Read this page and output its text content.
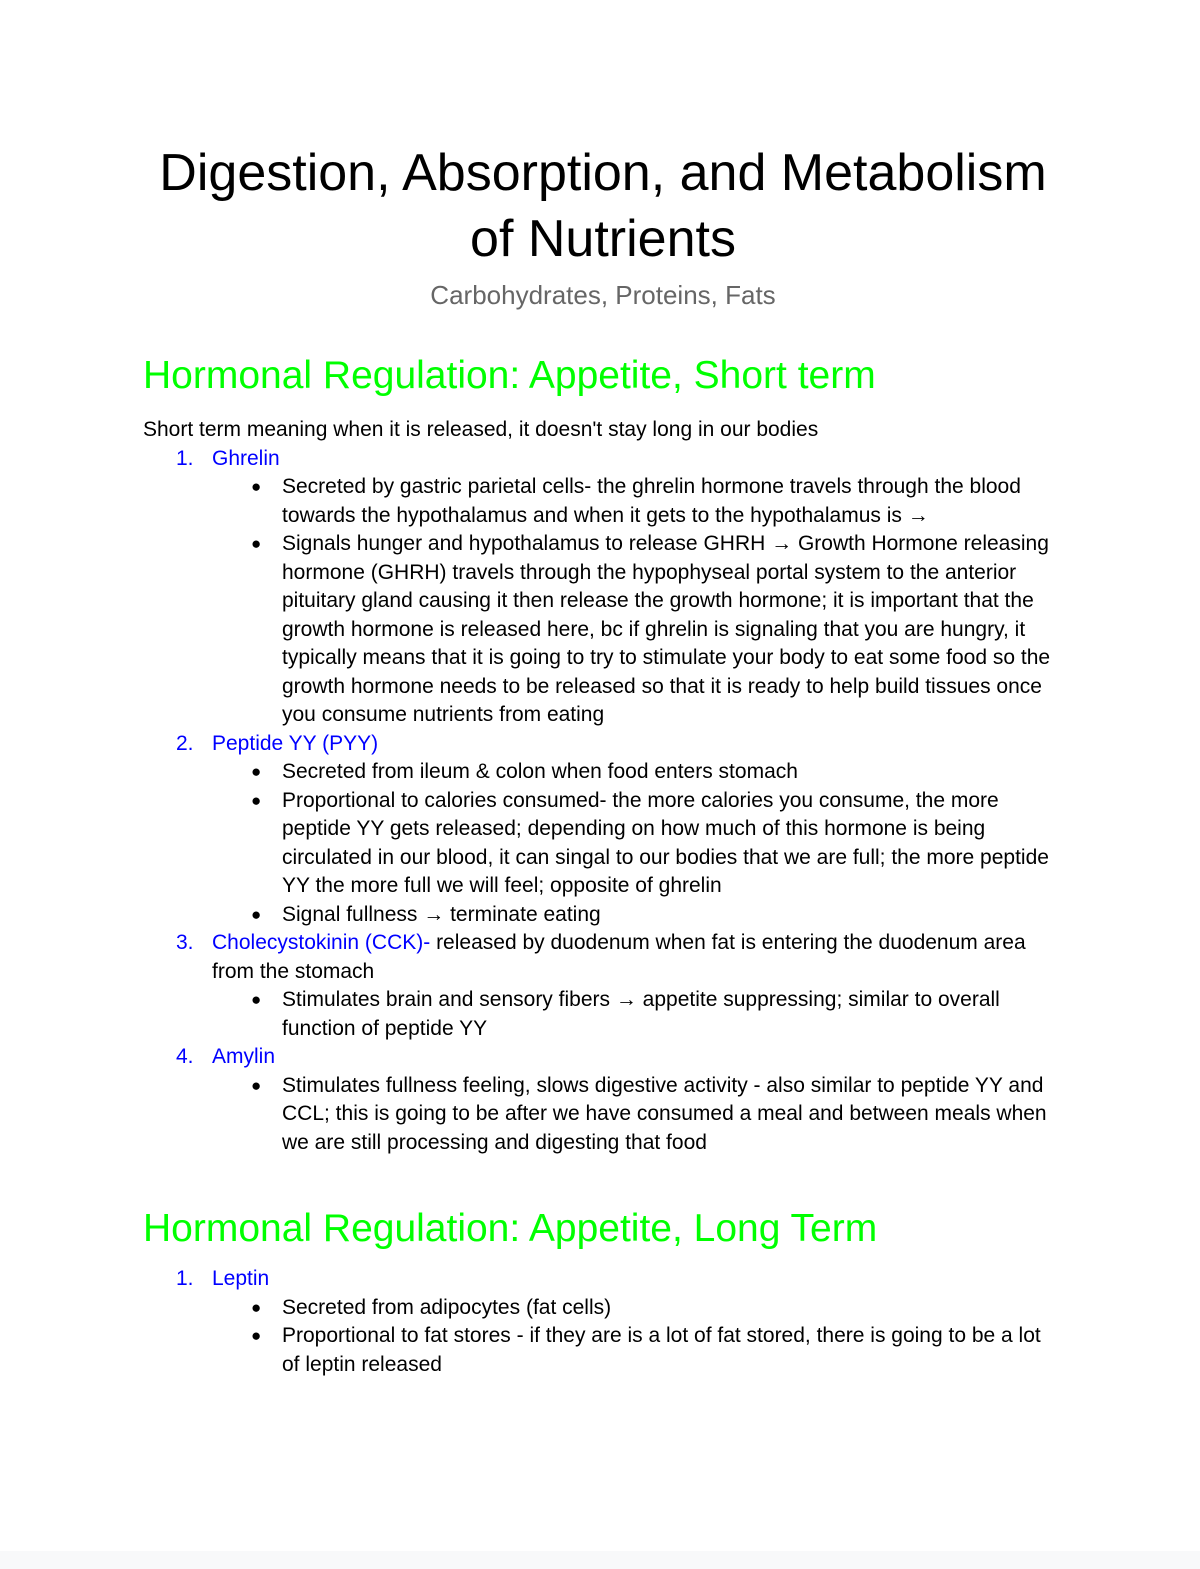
Digestion, Absorption, and Metabolism of Nutrients
Carbohydrates, Proteins, Fats
Hormonal Regulation: Appetite, Short term

Short term meaning when it is released, it doesn't stay long in our bodies

1. Ghrelin
● Secreted by gastric parietal cells- the ghrelin hormone travels through the blood towards the hypothalamus and when it gets to the hypothalamus is →
● Signals hunger and hypothalamus to release GHRH → Growth Hormone releasing hormone (GHRH) travels through the hypophyseal portal system to the anterior pituitary gland causing it then release the growth hormone; it is important that the growth hormone is released here, bc if ghrelin is signaling that you are hungry, it typically means that it is going to try to stimulate your body to eat some food so the growth hormone needs to be released so that it is ready to help build tissues once you consume nutrients from eating
2. Peptide YY (PYY)
● Secreted from ileum & colon when food enters stomach
● Proportional to calories consumed- the more calories you consume, the more peptide YY gets released; depending on how much of this hormone is being circulated in our blood, it can singal to our bodies that we are full; the more peptide YY the more full we will feel; opposite of ghrelin
● Signal fullness → terminate eating
3. Cholecystokinin (CCK)- released by duodenum when fat is entering the duodenum area from the stomach
● Stimulates brain and sensory fibers → appetite suppressing; similar to overall function of peptide YY
4. Amylin
● Stimulates fullness feeling, slows digestive activity - also similar to peptide YY and CCL; this is going to be after we have consumed a meal and between meals when we are still processing and digesting that food
Hormonal Regulation: Appetite, Long Term
1. Leptin
● Secreted from adipocytes (fat cells)
● Proportional to fat stores - if they are is a lot of fat stored, there is going to be a lot of leptin released
